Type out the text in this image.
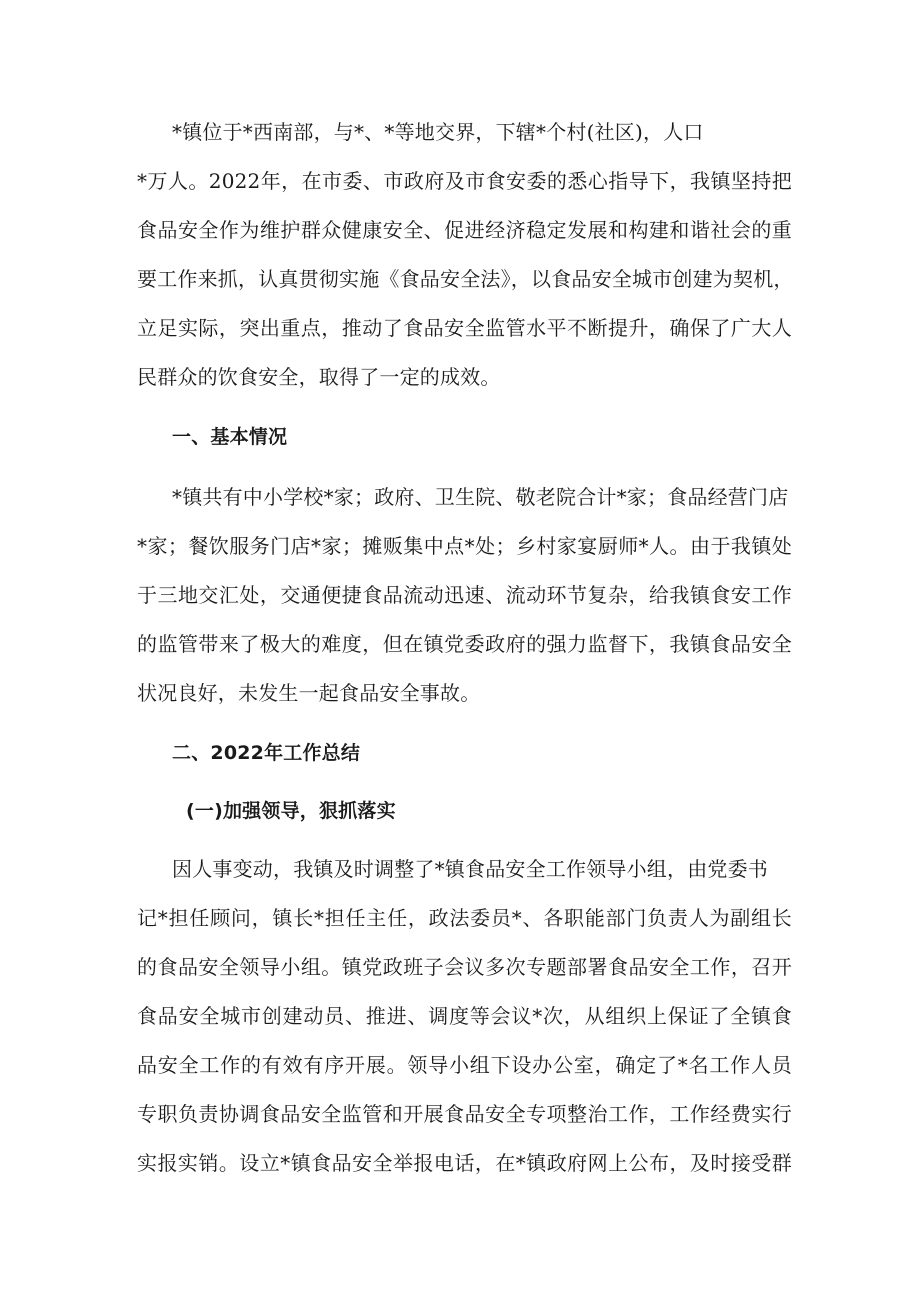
*镇位于*西南部，与*、*等地交界，下辖*个村(社区)，人口
*万人。2022年，在市委、市政府及市食安委的悉心指导下，我镇坚持把
食品安全作为维护群众健康安全、促进经济稳定发展和构建和谐社会的重
要工作来抓，认真贯彻实施《食品安全法》，以食品安全城市创建为契机，
立足实际，突出重点，推动了食品安全监管水平不断提升，确保了广大人
民群众的饮食安全，取得了一定的成效。
一、基本情况
*镇共有中小学校*家；政府、卫生院、敬老院合计*家；食品经营门店
*家；餐饮服务门店*家；摊贩集中点*处；乡村家宴厨师*人。由于我镇处
于三地交汇处，交通便捷食品流动迅速、流动环节复杂，给我镇食安工作
的监管带来了极大的难度，但在镇党委政府的强力监督下，我镇食品安全
状况良好，未发生一起食品安全事故。
二、2022年工作总结
(一)加强领导，狠抓落实
因人事变动，我镇及时调整了*镇食品安全工作领导小组，由党委书
记*担任顾问，镇长*担任主任，政法委员*、各职能部门负责人为副组长
的食品安全领导小组。镇党政班子会议多次专题部署食品安全工作，召开
食品安全城市创建动员、推进、调度等会议*次，从组织上保证了全镇食
品安全工作的有效有序开展。领导小组下设办公室，确定了*名工作人员
专职负责协调食品安全监管和开展食品安全专项整治工作，工作经费实行
实报实销。设立*镇食品安全举报电话，在*镇政府网上公布，及时接受群
